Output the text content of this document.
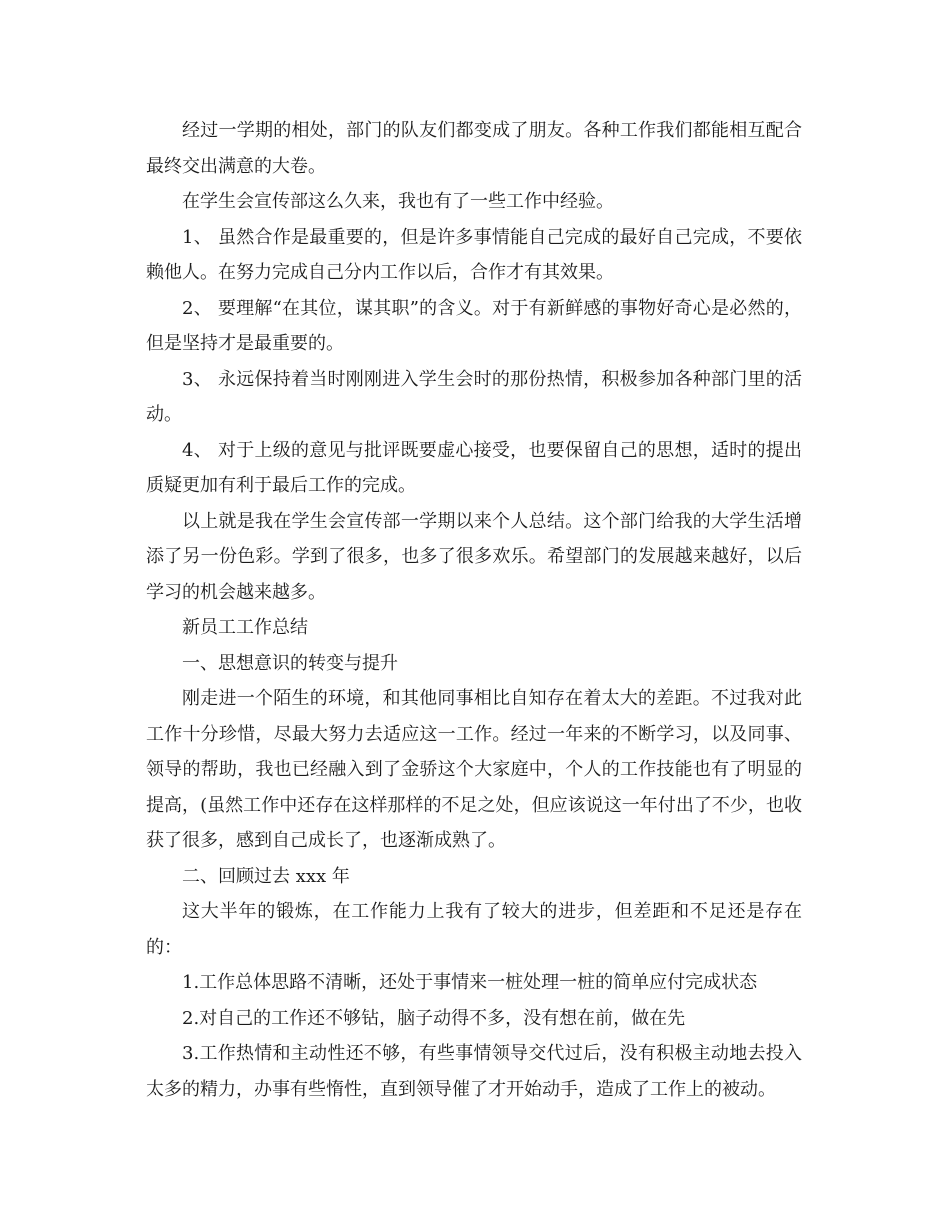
经过一学期的相处，部门的队友们都变成了朋友。各种工作我们都能相互配合最终交出满意的大卷。

在学生会宣传部这么久来，我也有了一些工作中经验。

1、 虽然合作是最重要的，但是许多事情能自己完成的最好自己完成，不要依赖他人。在努力完成自己分内工作以后，合作才有其效果。

2、 要理解“在其位，谋其职”的含义。对于有新鲜感的事物好奇心是必然的，但是坚持才是最重要的。

3、 永远保持着当时刚刚进入学生会时的那份热情，积极参加各种部门里的活动。

4、 对于上级的意见与批评既要虚心接受，也要保留自己的思想，适时的提出质疑更加有利于最后工作的完成。

以上就是我在学生会宣传部一学期以来个人总结。这个部门给我的大学生活增添了另一份色彩。学到了很多，也多了很多欢乐。希望部门的发展越来越好，以后学习的机会越来越多。

新员工工作总结

一、思想意识的转变与提升

刚走进一个陌生的环境，和其他同事相比自知存在着太大的差距。不过我对此工作十分珍惜，尽最大努力去适应这一工作。经过一年来的不断学习，以及同事、领导的帮助，我也已经融入到了金骄这个大家庭中，个人的工作技能也有了明显的提高，(虽然工作中还存在这样那样的不足之处，但应该说这一年付出了不少，也收获了很多，感到自己成长了，也逐渐成熟了。

二、回顾过去 xxx 年

这大半年的锻炼，在工作能力上我有了较大的进步，但差距和不足还是存在的：

1.工作总体思路不清晰，还处于事情来一桩处理一桩的简单应付完成状态

2.对自己的工作还不够钻，脑子动得不多，没有想在前，做在先

3.工作热情和主动性还不够，有些事情领导交代过后，没有积极主动地去投入太多的精力，办事有些惰性，直到领导催了才开始动手，造成了工作上的被动。
